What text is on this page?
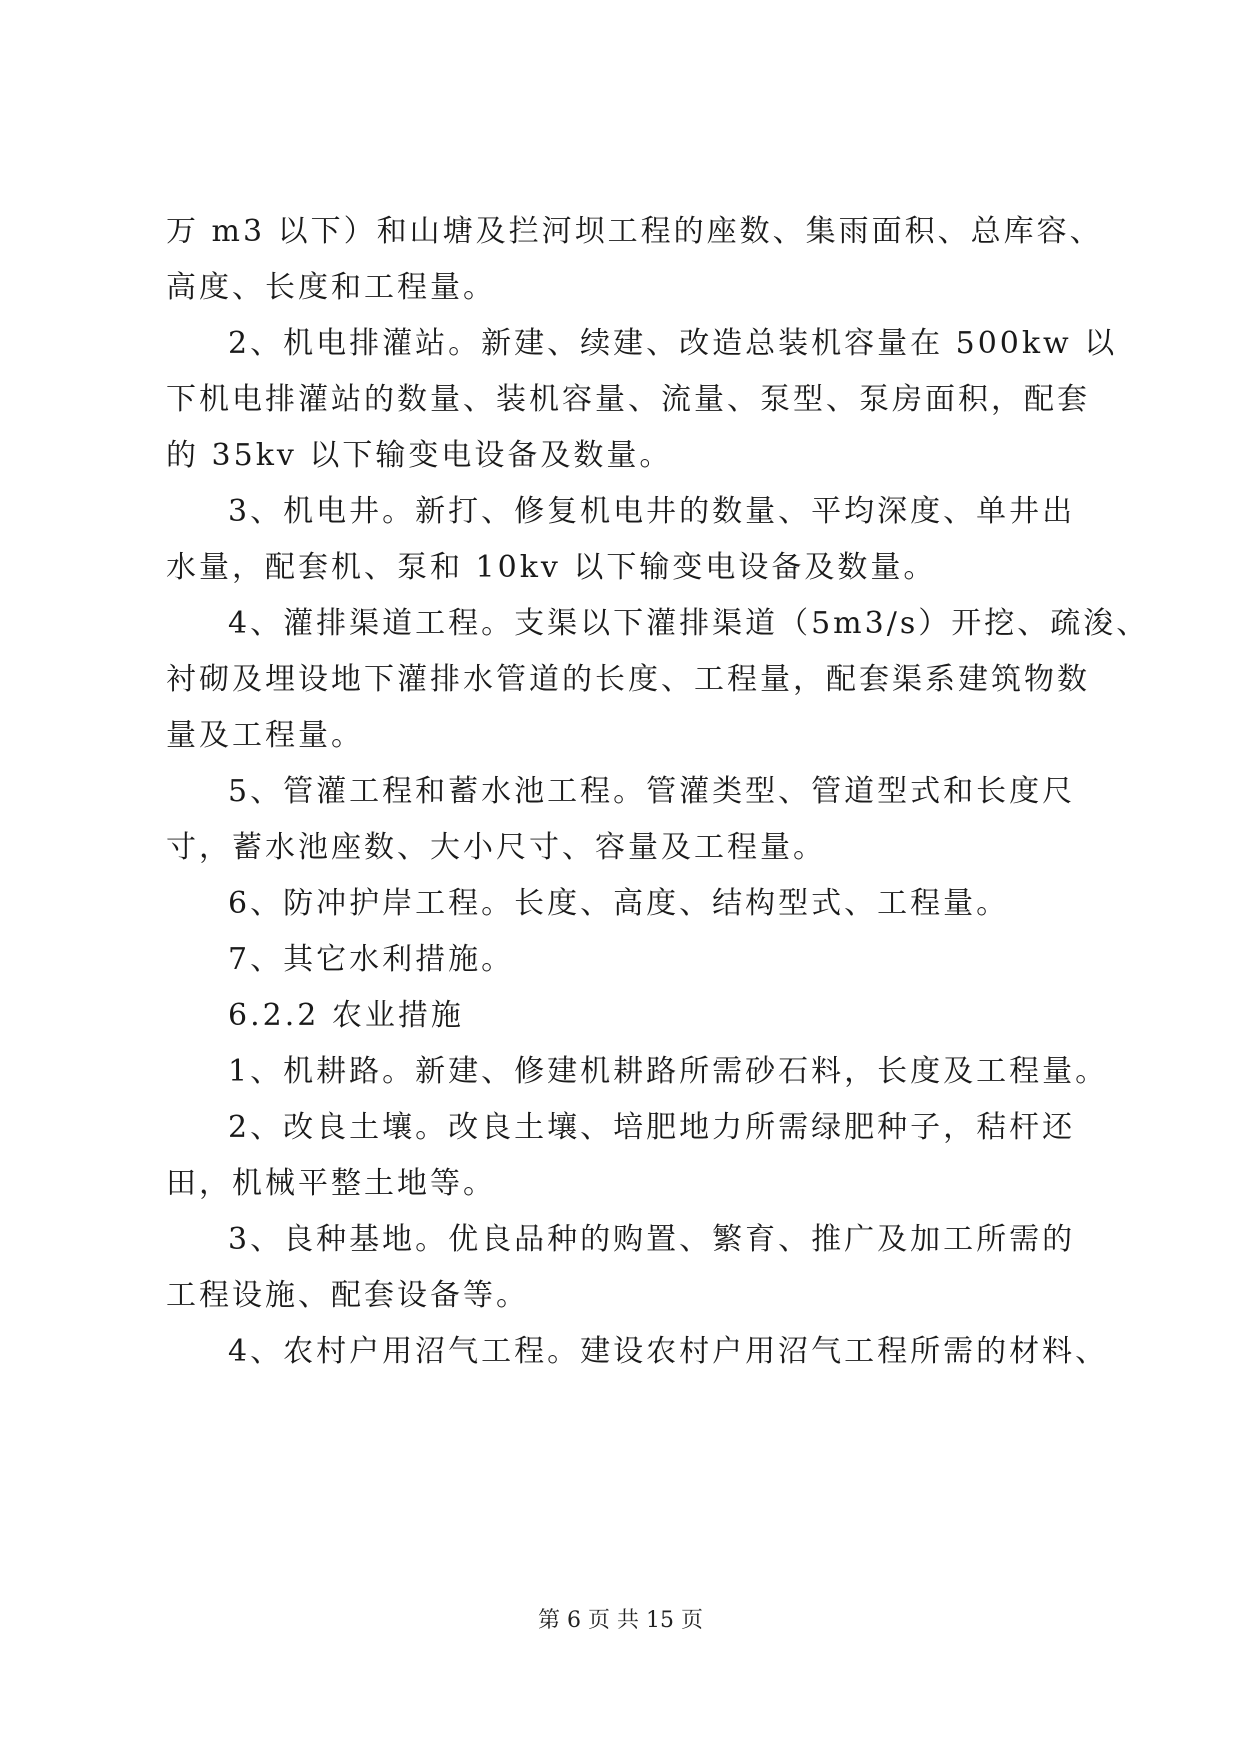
万 m3 以下）和山塘及拦河坝工程的座数、集雨面积、总库容、

高度、长度和工程量。

2、机电排灌站。新建、续建、改造总装机容量在 500kw 以

下机电排灌站的数量、装机容量、流量、泵型、泵房面积，配套

的 35kv 以下输变电设备及数量。

3、机电井。新打、修复机电井的数量、平均深度、单井出

水量，配套机、泵和 10kv 以下输变电设备及数量。

4、灌排渠道工程。支渠以下灌排渠道（5m3/s）开挖、疏浚、

衬砌及埋设地下灌排水管道的长度、工程量，配套渠系建筑物数

量及工程量。

5、管灌工程和蓄水池工程。管灌类型、管道型式和长度尺

寸，蓄水池座数、大小尺寸、容量及工程量。

6、防冲护岸工程。长度、高度、结构型式、工程量。

7、其它水利措施。

6.2.2 农业措施

1、机耕路。新建、修建机耕路所需砂石料，长度及工程量。

2、改良土壤。改良土壤、培肥地力所需绿肥种子，秸杆还

田，机械平整土地等。

3、良种基地。优良品种的购置、繁育、推广及加工所需的

工程设施、配套设备等。

4、农村户用沼气工程。建设农村户用沼气工程所需的材料、

第 6 页 共 15 页
